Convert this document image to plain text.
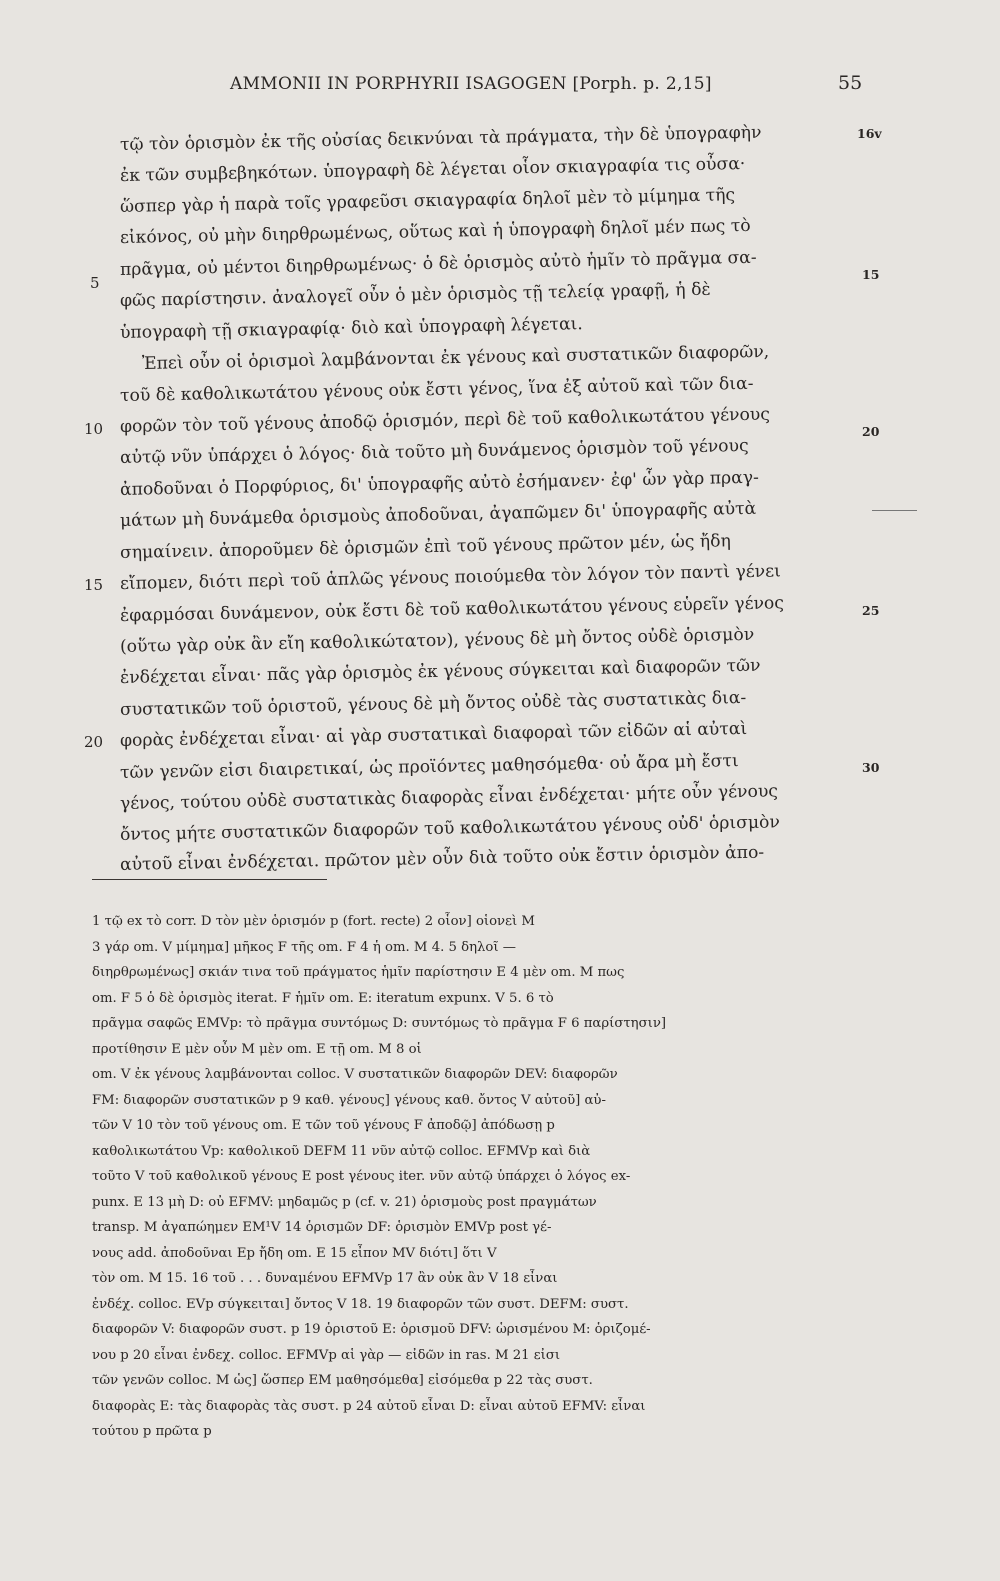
AMMONII IN PORPHYRII ISAGOGEN [Porph. p. 2,15]	55
τῷ τὸν ὁρισμὸν ἐκ τῆς οὐσίας δεικνύναι τὰ πράγματα, τὴν δὲ ὑπογραφὴν
ἐκ τῶν συμβεβηκότων. ὑπογραφὴ δὲ λέγεται οἷον σκιαγραφία τις οὖσα·
ὥσπερ γὰρ ἡ παρὰ τοῖς γραφεῦσι σκιαγραφία δηλοῖ μὲν τὸ μίμημα τῆς
εἰκόνος, οὐ μὴν διηρθρωμένως, οὕτως καὶ ἡ ὑπογραφὴ δηλοῖ μέν πως τὸ
πρᾶγμα, οὐ μέντοι διηρθρωμένως· ὁ δὲ ὁρισμὸς αὐτὸ ἡμῖν τὸ πρᾶγμα σα-
φῶς παρίστησιν. ἀναλογεῖ οὖν ὁ μὲν ὁρισμὸς τῇ τελείᾳ γραφῇ, ἡ δὲ
ὑπογραφὴ τῇ σκιαγραφίᾳ· διὸ καὶ ὑπογραφὴ λέγεται.
Ἐπεὶ οὖν οἱ ὁρισμοὶ λαμβάνονται ἐκ γένους καὶ συστατικῶν διαφορῶν,
τοῦ δὲ καθολικωτάτου γένους οὐκ ἔστι γένος, ἵνα ἐξ αὐτοῦ καὶ τῶν δια-
φορῶν τὸν τοῦ γένους ἀποδῷ ὁρισμόν, περὶ δὲ τοῦ καθολικωτάτου γένους
αὐτῷ νῦν ὑπάρχει ὁ λόγος· διὰ τοῦτο μὴ δυνάμενος ὁρισμὸν τοῦ γένους
ἀποδοῦναι ὁ Πορφύριος, δι' ὑπογραφῆς αὐτὸ ἐσήμανεν· ἐφ' ὧν γὰρ πραγ-
μάτων μὴ δυνάμεθα ὁρισμοὺς ἀποδοῦναι, ἀγαπῶμεν δι' ὑπογραφῆς αὐτὰ
σημαίνειν. ἀποροῦμεν δὲ ὁρισμῶν ἐπὶ τοῦ γένους πρῶτον μέν, ὡς ἤδη
εἴπομεν, διότι περὶ τοῦ ἁπλῶς γένους ποιούμεθα τὸν λόγον τὸν παντὶ γένει
ἐφαρμόσαι δυνάμενον, οὐκ ἔστι δὲ τοῦ καθολικωτάτου γένους εὑρεῖν γένος
(οὕτω γὰρ οὐκ ἂν εἴη καθολικώτατον), γένους δὲ μὴ ὄντος οὐδὲ ὁρισμὸν
ἐνδέχεται εἶναι· πᾶς γὰρ ὁρισμὸς ἐκ γένους σύγκειται καὶ διαφορῶν τῶν
συστατικῶν τοῦ ὁριστοῦ, γένους δὲ μὴ ὄντος οὐδὲ τὰς συστατικὰς δια-
φορὰς ἐνδέχεται εἶναι· αἱ γὰρ συστατικαὶ διαφοραὶ τῶν εἰδῶν αἱ αὐταὶ
τῶν γενῶν εἰσι διαιρετικαί, ὡς προϊόντες μαθησόμεθα· οὐ ἄρα μὴ ἔστι
γένος, τούτου οὐδὲ συστατικὰς διαφορὰς εἶναι ἐνδέχεται· μήτε οὖν γένους
ὄντος μήτε συστατικῶν διαφορῶν τοῦ καθολικωτάτου γένους οὐδ' ὁρισμὸν
αὐτοῦ εἶναι ἐνδέχεται. πρῶτον μὲν οὖν διὰ τοῦτο οὐκ ἔστιν ὁρισμὸν ἀπο-
5
10
15
20
16v
15
20
25
30
1 τῷ ex τὸ corr. D τὸν μὲν ὁρισμόν p (fort. recte) 2 οἷον] οἱονεὶ M
3 γάρ om. V μίμημα] μῆκος F τῆς om. F 4 ἡ om. M 4. 5 δηλοῖ —
διηρθρωμένως] σκιάν τινα τοῦ πράγματος ἡμῖν παρίστησιν E 4 μὲν om. M πως
om. F 5 ὁ δὲ ὁρισμὸς iterat. F ἡμῖν om. E: iteratum expunx. V 5. 6 τὸ
πρᾶγμα σαφῶς EMVp: τὸ πρᾶγμα συντόμως D: συντόμως τὸ πρᾶγμα F 6 παρίστησιν]
προτίθησιν E μὲν οὖν M μὲν om. E τῇ om. M 8 οἱ
om. V ἐκ γένους λαμβάνονται colloc. V συστατικῶν διαφορῶν DEV: διαφορῶν
FM: διαφορῶν συστατικῶν p 9 καθ. γένους] γένους καθ. ὄντος V αὐτοῦ] αὐ-
τῶν V 10 τὸν τοῦ γένους om. E τῶν τοῦ γένους F ἀποδῷ] ἀπόδωσῃ p
καθολικωτάτου Vp: καθολικοῦ DEFM 11 νῦν αὐτῷ colloc. EFMVp καὶ διὰ
τοῦτο V τοῦ καθολικοῦ γένους E post γένους iter. νῦν αὐτῷ ὑπάρχει ὁ λόγος ex-
punx. E 13 μὴ D: οὐ EFMV: μηδαμῶς p (cf. v. 21) ὁρισμοὺς post πραγμάτων
transp. M ἀγαπώημεν EM¹V 14 ὁρισμῶν DF: ὁρισμὸν EMVp post γέ-
νους add. ἀποδοῦναι Ep ἤδη om. E 15 εἶπον MV διότι] ὅτι V
τὸν om. M 15. 16 τοῦ . . . δυναμένου EFMVp 17 ἂν οὐκ ἂν V 18 εἶναι
ἐνδέχ. colloc. EVp σύγκειται] ὄντος V 18. 19 διαφορῶν τῶν συστ. DEFM: συστ.
διαφορῶν V: διαφορῶν συστ. p 19 ὁριστοῦ E: ὁρισμοῦ DFV: ὡρισμένου M: ὁριζομέ-
νου p 20 εἶναι ἐνδεχ. colloc. EFMVp αἱ γὰρ — εἰδῶν in ras. M 21 εἰσι
τῶν γενῶν colloc. M ὡς] ὥσπερ EM μαθησόμεθα] εἰσόμεθα p 22 τὰς συστ.
διαφορὰς E: τὰς διαφορὰς τὰς συστ. p 24 αὐτοῦ εἶναι D: εἶναι αὐτοῦ EFMV: εἶναι
τούτου p πρῶτα p
